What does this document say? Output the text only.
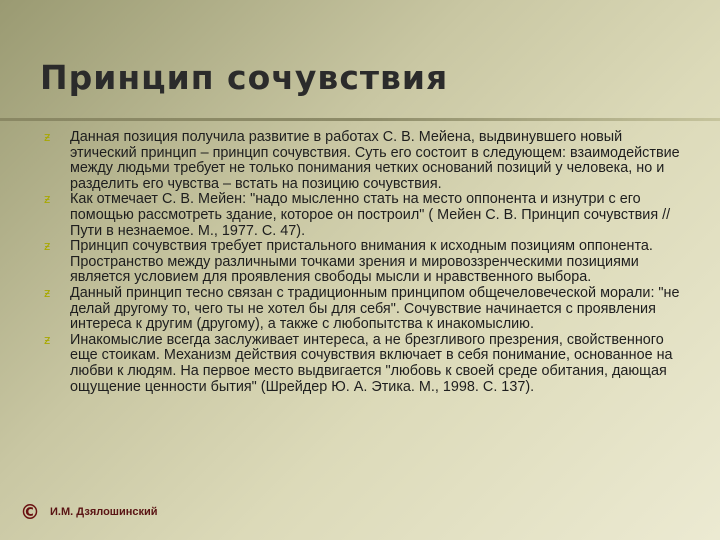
Принцип сочувствия
ƶ	Данная позиция получила развитие в работах С. В. Мейена, выдвинувшего новый этический принцип – принцип сочувствия. Суть его состоит в следующем: взаимодействие между людьми требует не только понимания четких оснований позиций у человека, но и разделить его чувства – встать на позицию сочувствия.
ƶ	Как отмечает С. В. Мейен: "надо мысленно стать на место оппонента и изнутри с его помощью рассмотреть здание, которое он построил" ( Мейен С. В. Принцип сочувствия // Пути в незнаемое. М., 1977. С. 47).
ƶ	Принцип сочувствия требует пристального внимания к исходным позициям оппонента. Пространство между различными точками зрения и мировоззренческими позициями является условием для проявления свободы мысли и нравственного выбора.
ƶ	Данный принцип тесно связан с традиционным принципом общечеловеческой морали: "не делай другому то, чего ты не хотел бы для себя". Сочувствие начинается с проявления интереса к другим (другому), а также с любопытства к инакомыслию.
ƶ	Инакомыслие всегда заслуживает интереса, а не брезгливого презрения, свойственного еще стоикам. Механизм действия сочувствия включает в себя понимание, основанное на любви к людям. На первое место выдвигается "любовь к своей среде обитания, дающая ощущение ценности бытия" (Шрейдер Ю. А. Этика. М., 1998. С. 137).
© И.М. Дзялошинский
